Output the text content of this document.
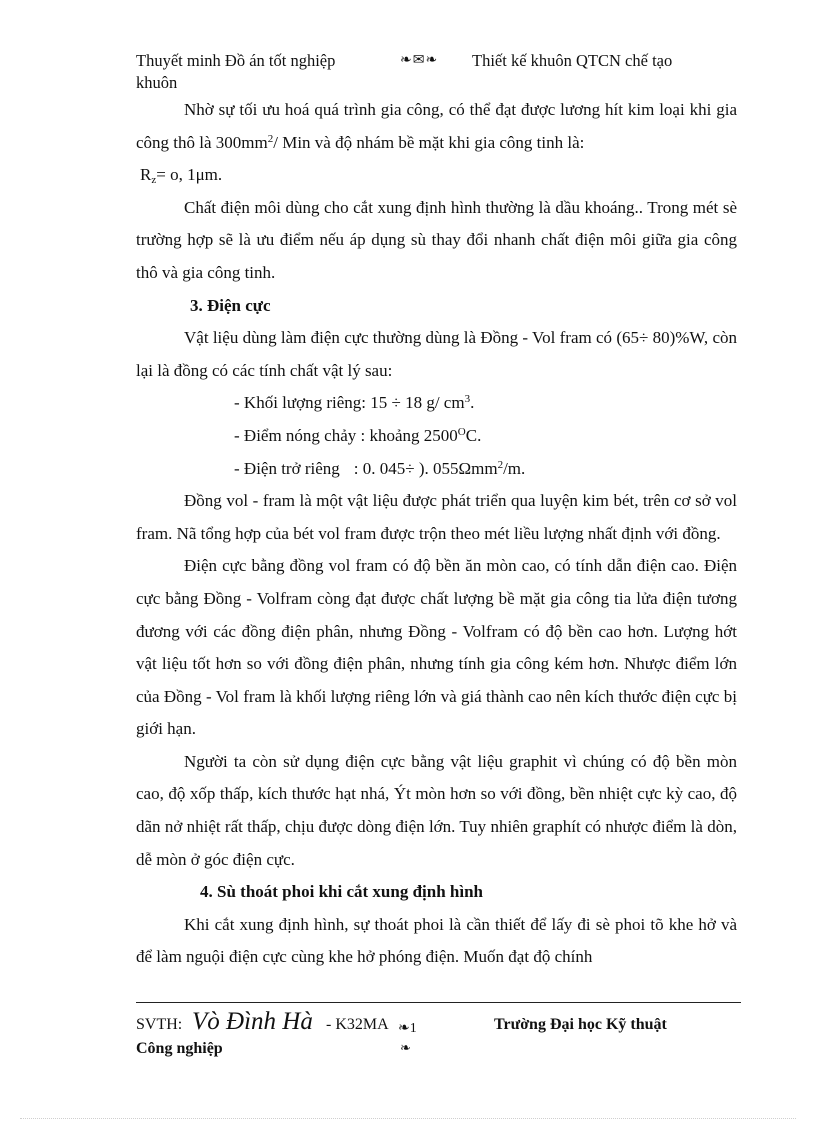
Thuyết minh Đồ án tốt nghiệp	❧✉❧ Thiết kế khuôn QTCN chế tạo
khuôn

Nhờ sự tối ưu hoá quá trình gia công, có thể đạt được lương hít kim loại khi gia công thô là $300mm^2/$ Min và độ nhám bề mặt khi gia công tinh là:

$R_z= o$, 1μm.

Chất điện môi dùng cho cắt xung định hình thường là dầu khoáng.. Trong mét sè trường hợp sẽ là ưu điểm nếu áp dụng sù thay đổi nhanh chất điện môi giữa gia công thô và gia công tinh.

3. Điện cực

Vật liệu dùng làm điện cực thường dùng là Đồng - Vol fram có (65÷ 80)%W, còn lại là đồng có các tính chất vật lý sau:

- Khối lượng riêng: 15 ÷ 18 g/ $cm^3$.

- Điểm nóng chảy : khoảng $2500^OC$.

- Điện trở riêng : 0. 045÷ ). 055Ωmm$^2$/m.

Đồng vol - fram là một vật liệu được phát triển qua luyện kim bét, trên cơ sở vol fram. Nã tổng hợp của bét vol fram được trộn theo mét liều lượng nhất định với đồng.

Điện cực bằng đồng vol fram có độ bền ăn mòn cao, có tính dẫn điện cao. Điện cực bằng Đồng - Volfram còng đạt được chất lượng bề mặt gia công tia lửa điện tương đương với các đồng điện phân, nhưng Đồng - Volfram có độ bền cao hơn. Lượng hớt vật liệu tốt hơn so với đồng điện phân, nhưng tính gia công kém hơn. Nhược điểm lớn của Đồng - Vol fram là khối lượng riêng lớn và giá thành cao nên kích thước điện cực bị giới hạn.

Người ta còn sử dụng điện cực bằng vật liệu graphit vì chúng có độ bền mòn cao, độ xốp thấp, kích thước hạt nhá, Ýt mòn hơn so với đồng, bền nhiệt cực kỳ cao, độ dãn nở nhiệt rất thấp, chịu được dòng điện lớn. Tuy nhiên graphít có nhược điểm là dòn, dễ mòn ở góc điện cực.

4. Sù thoát phoi khi cắt xung định hình

Khi cắt xung định hình, sự thoát phoi là cần thiết để lấy đi sè phoi tõ khe hở và để làm nguội điện cực cùng khe hở phóng điện. Muốn đạt độ chính

SVTH: Vò Đình Hà - K32MA ❧1
❧
Trường Đại học Kỹ thuật
Công nghiệp
